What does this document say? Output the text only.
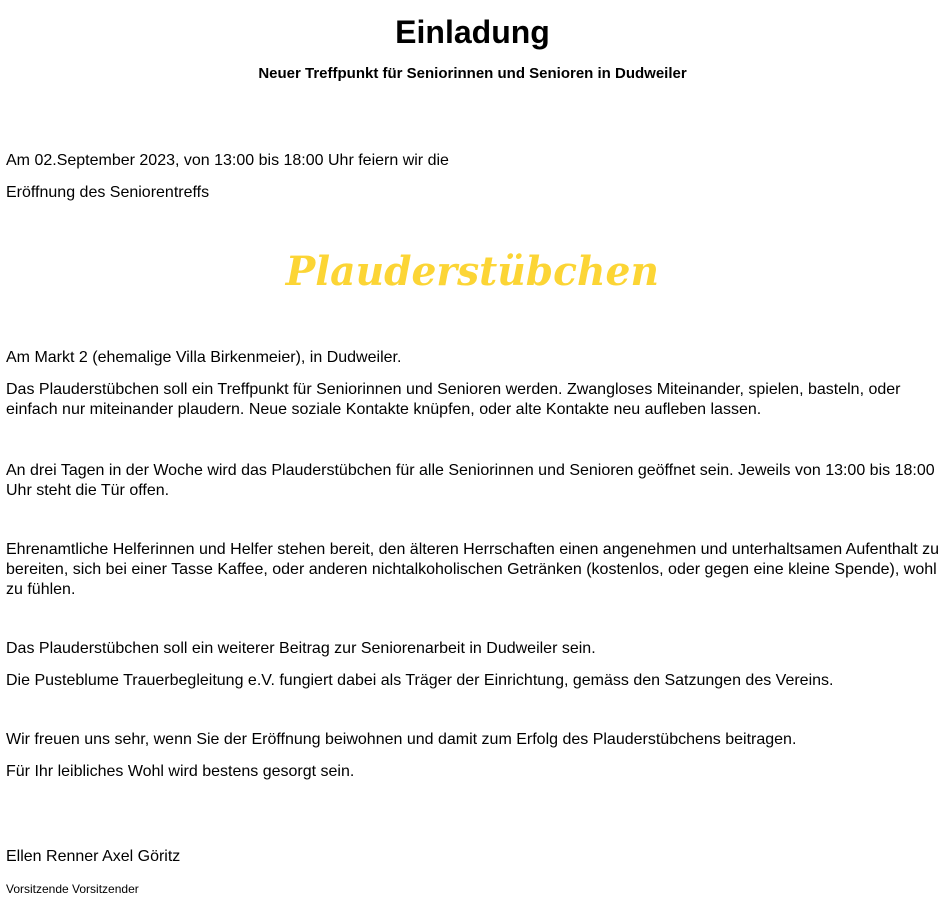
Einladung
Neuer Treffpunkt für Seniorinnen und Senioren in Dudweiler

Am 02.September 2023, von 13:00 bis 18:00 Uhr feiern wir die

Eröffnung des Seniorentreffs

Plauderstübchen

Am Markt 2 (ehemalige Villa Birkenmeier), in Dudweiler.

Das Plauderstübchen soll ein Treffpunkt für Seniorinnen und Senioren werden. Zwangloses Miteinander, spielen, basteln, oder einfach nur miteinander plaudern. Neue soziale Kontakte knüpfen, oder alte Kontakte neu aufleben lassen.

An drei Tagen in der Woche wird das Plauderstübchen für alle Seniorinnen und Senioren geöffnet sein. Jeweils von 13:00 bis 18:00 Uhr steht die Tür offen.

Ehrenamtliche Helferinnen und Helfer stehen bereit, den älteren Herrschaften einen angenehmen und unterhaltsamen Aufenthalt zu bereiten, sich bei einer Tasse Kaffee, oder anderen nichtalkoholischen Getränken (kostenlos, oder gegen eine kleine Spende), wohl zu fühlen.

Das Plauderstübchen soll ein weiterer Beitrag zur Seniorenarbeit in Dudweiler sein.

Die Pusteblume Trauerbegleitung e.V. fungiert dabei als Träger der Einrichtung, gemäss den Satzungen des Vereins.

Wir freuen uns sehr, wenn Sie der Eröffnung beiwohnen und damit zum Erfolg des Plauderstübchens beitragen.

Für Ihr leibliches Wohl wird bestens gesorgt sein.

Ellen Renner Axel Göritz

Vorsitzende Vorsitzender
